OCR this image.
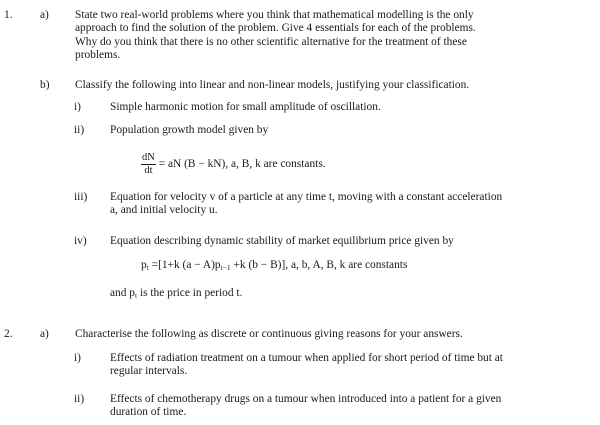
1. a) State two real-world problems where you think that mathematical modelling is the only
approach to find the solution of the problem. Give 4 essentials for each of the problems.
Why do you think that there is no other scientific alternative for the treatment of these
problems.
b) Classify the following into linear and non-linear models, justifying your classification.
i)	Simple harmonic motion for small amplitude of oscillation.
ii) Population growth model given by
$\frac{dN}{dt}$ = aN (B − kN), a, B, k are constants.
iii) Equation for velocity v of a particle at any time t, moving with a constant acceleration
a, and initial velocity u.
iv) Equation describing dynamic stability of market equilibrium price given by
$p_t =[1+k$ $(a - A)p_{t-1} +k$ (b − B)], a, b, A, B, k are constants
and $p_t$ is the price in period t.
2. a) Characterise the following as discrete or continuous giving reasons for your answers.
i)	Effects of radiation treatment on a tumour when applied for short period of time but at
regular intervals.
ii) Effects of chemotherapy drugs on a tumour when introduced into a patient for a given
duration of time.
